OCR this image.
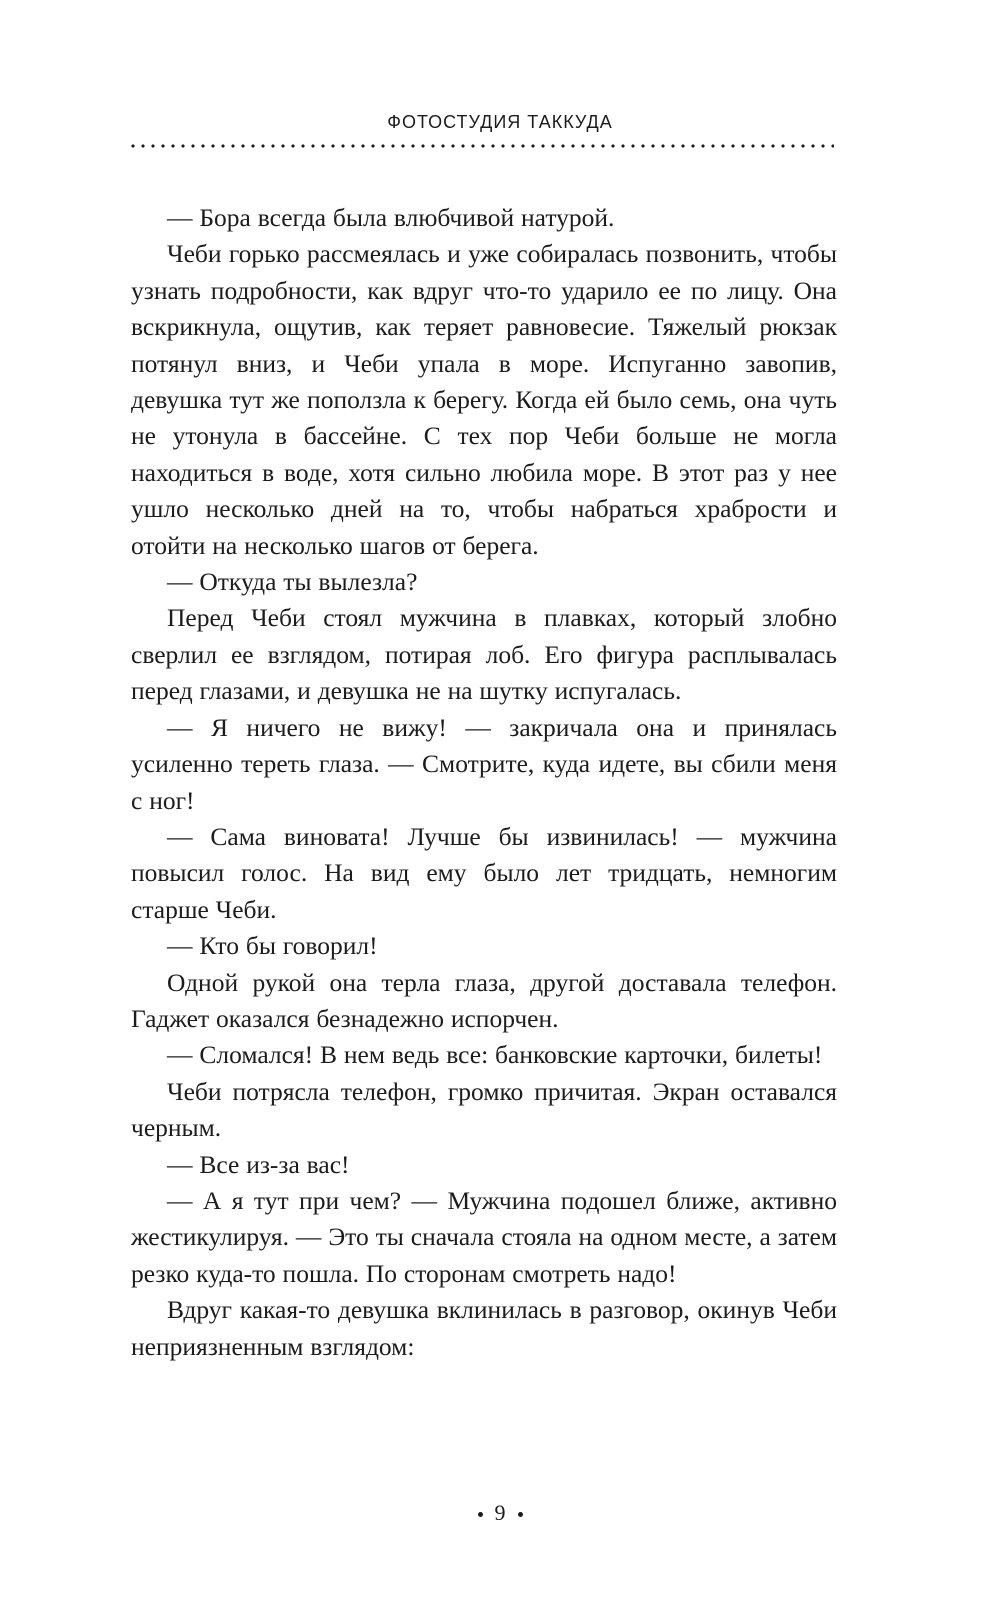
ФОТОСТУДИЯ ТАККУДА

— Бора всегда была влюбчивой натурой.

Чеби горько рассмеялась и уже собиралась позвонить, чтобы узнать подробности, как вдруг что-то ударило ее по лицу. Она вскрикнула, ощутив, как теряет равновесие. Тяжелый рюкзак потянул вниз, и Чеби упала в море. Испуганно завопив, девушка тут же поползла к берегу. Когда ей было семь, она чуть не утонула в бассейне. С тех пор Чеби больше не могла находиться в воде, хотя сильно любила море. В этот раз у нее ушло несколько дней на то, чтобы набраться храбрости и отойти на несколько шагов от берега.

— Откуда ты вылезла?

Перед Чеби стоял мужчина в плавках, который злобно сверлил ее взглядом, потирая лоб. Его фигура расплывалась перед глазами, и девушка не на шутку испугалась.

— Я ничего не вижу! — закричала она и принялась усиленно тереть глаза. — Смотрите, куда идете, вы сбили меня с ног!

— Сама виновата! Лучше бы извинилась! — мужчина повысил голос. На вид ему было лет тридцать, немногим старше Чеби.

— Кто бы говорил!

Одной рукой она терла глаза, другой доставала телефон. Гаджет оказался безнадежно испорчен.

— Сломался! В нем ведь все: банковские карточки, билеты!

Чеби потрясла телефон, громко причитая. Экран оставался черным.

— Все из-за вас!

— А я тут при чем? — Мужчина подошел ближе, активно жестикулируя. — Это ты сначала стояла на одном месте, а затем резко куда-то пошла. По сторонам смотреть надо!

Вдруг какая-то девушка вклинилась в разговор, окинув Чеби неприязненным взглядом:

9
